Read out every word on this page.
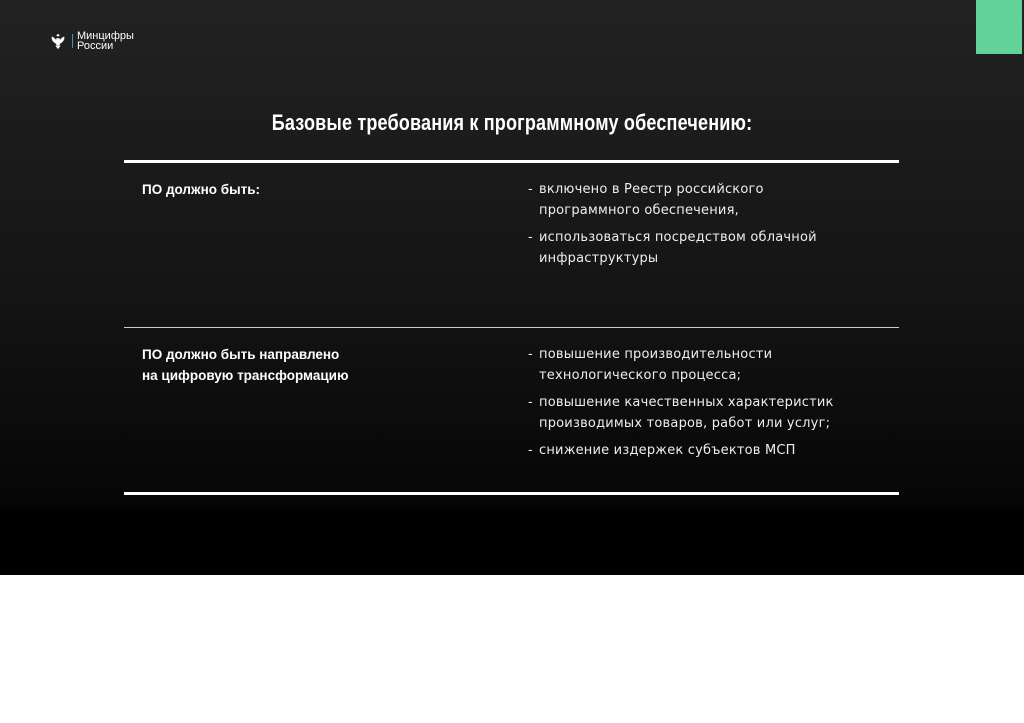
Минцифры
России
Базовые требования к программному обеспечению:
ПО должно быть:	- включено в Реестр российского
программного обеспечения,
- использоваться посредством облачной
инфраструктуры
ПО должно быть направлено
на цифровую трансформацию
- повышение производительности
технологического процесса;
- повышение качественных характеристик
производимых товаров, работ или услуг;
- снижение издержек субъектов МСП
